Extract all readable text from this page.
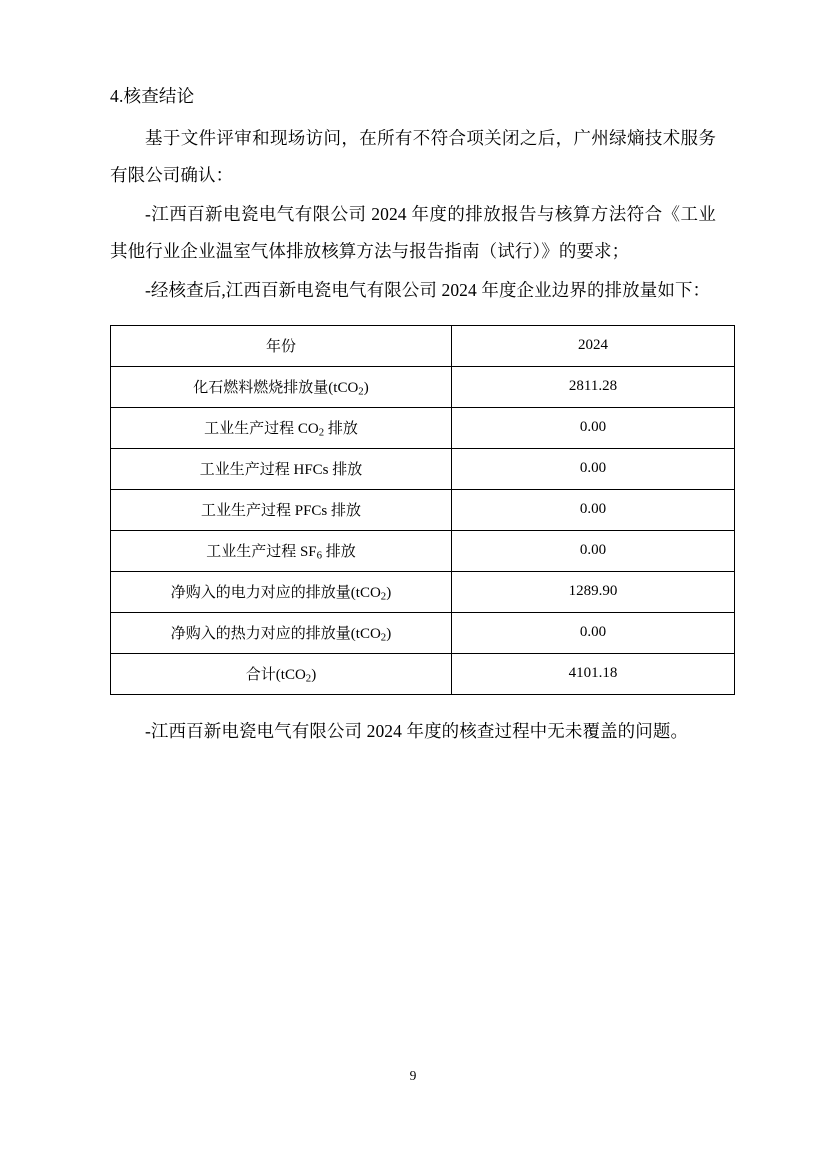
4.核查结论

基于文件评审和现场访问，在所有不符合项关闭之后，广州绿熵技术服务有限公司确认：

-江西百新电瓷电气有限公司 2024 年度的排放报告与核算方法符合《工业其他行业企业温室气体排放核算方法与报告指南（试行）》的要求；

-经核查后,江西百新电瓷电气有限公司 2024 年度企业边界的排放量如下：

年份	2024
化石燃料燃烧排放量(tCO$_2$)	2811.28
工业生产过程 $CO_2$ 排放	0.00
工业生产过程 HFCs 排放	0.00
工业生产过程 PFCs 排放	0.00
工业生产过程 $SF_6$ 排放	0.00
净购入的电力对应的排放量(tCO$_2$)	1289.90
净购入的热力对应的排放量(tCO$_2$)	0.00
合计(tCO$_2$)	4101.18

-江西百新电瓷电气有限公司 2024 年度的核查过程中无未覆盖的问题。

9
